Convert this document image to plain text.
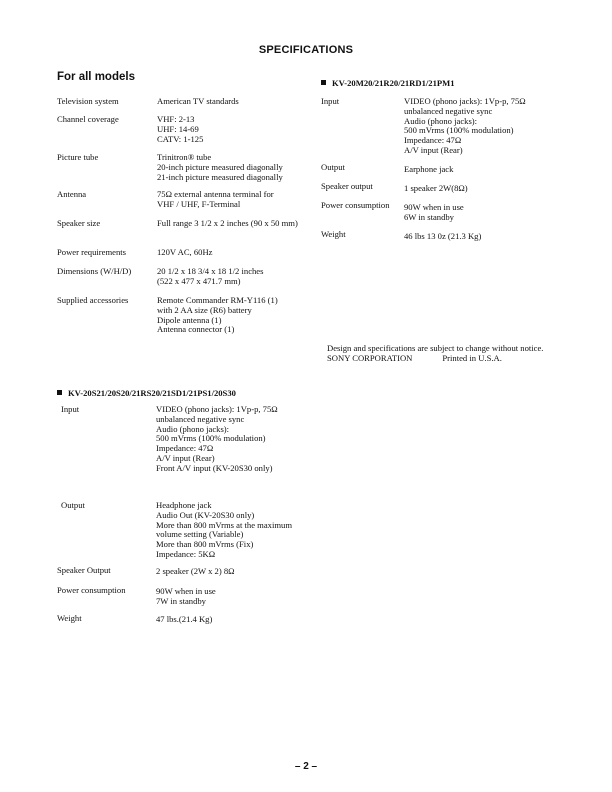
SPECIFICATIONS
For all models
Television system	American TV standards
Channel coverage	VHF: 2-13
UHF: 14-69
CATV: 1-125
Picture tube	Trinitron® tube
20-inch picture measured diagonally
21-inch picture measured diagonally
Antenna	75Ω external antenna terminal for
VHF / UHF, F-Terminal
Speaker size	Full range 3 1/2 x 2 inches (90 x 50 mm)
Power requirements	120V AC, 60Hz
Dimensions (W/H/D)	20 1/2 x 18 3/4 x 18 1/2 inches
(522 x 477 x 471.7 mm)
Supplied accessories	Remote Commander RM-Y116 (1)
with 2 AA size (R6) battery
Dipole antenna (1)
Antenna connector (1)
KV-20M20/21R20/21RD1/21PM1
Input	VIDEO (phono jacks): 1Vp-p, 75Ω
unbalanced negative sync
Audio (phono jacks):
500 mVrms (100% modulation)
Impedance: 47Ω
A/V input (Rear)
Output	Earphone jack
Speaker output	1 speaker 2W(8Ω)
Power consumption 90W when in use
6W in standby
Weight	46 lbs 13 0z (21.3 Kg)
Design and specifications are subject to change without notice.
SONY CORPORATION	Printed in U.S.A.
KV-20S21/20S20/21RS20/21SD1/21PS1/20S30
Input	VIDEO (phono jacks): 1Vp-p, 75Ω
unbalanced negative sync
Audio (phono jacks):
500 mVrms (100% modulation)
Impedance: 47Ω
A/V input (Rear)
Front A/V input (KV-20S30 only)
Output	Headphone jack
Audio Out (KV-20S30 only)
More than 800 mVrms at the maximum
volume setting (Variable)
More than 800 mVrms (Fix)
Impedance: 5KΩ
Speaker Output	2 speaker (2W x 2) 8Ω
Power consumption	90W when in use
7W in standby
Weight	47 lbs.(21.4 Kg)
– 2 –
